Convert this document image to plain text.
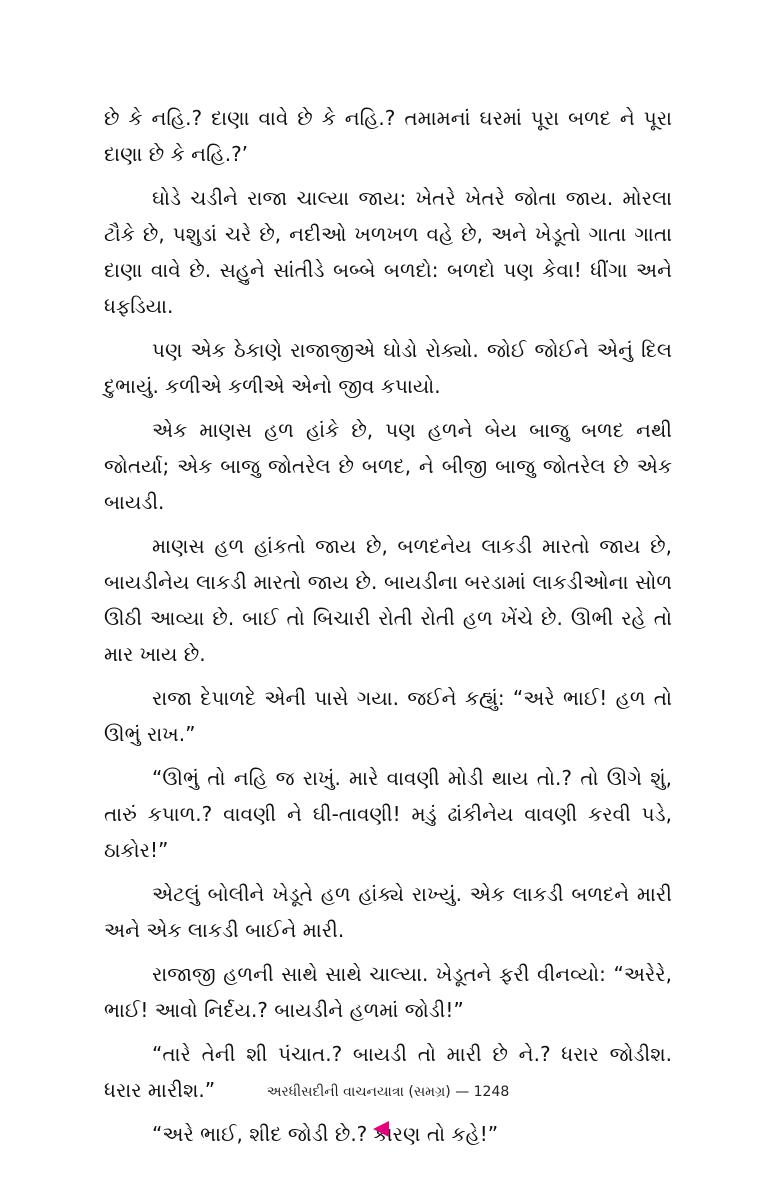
છે કે નહિ.? દાણા વાવે છે કે નહિ.? તમામનાં ઘરમાં પૂરા બળદ ને પૂરા દાણા છે કે નહિ.?’

ઘોડે ચડીને રાજા ચાલ્યા જાય: ખેતરે ખેતરે જોતા જાય. મોરલા ટૌકે છે, પશુડાં ચરે છે, નદીઓ ખળખળ વહે છે, અને ખેડૂતો ગાતા ગાતા દાણા વાવે છે. સહુને સાંતીડે બબ્બે બળદો: બળદો પણ કેવા! ધીંગા અને ધફડિયા.

પણ એક ઠેકાણે રાજાજીએ ઘોડો રોક્યો. જોઈ જોઈને એનું દિલ દુભાયું. કળીએ કળીએ એનો જીવ કપાયો.

એક માણસ હળ હાંકે છે, પણ હળને બેય બાજુ બળદ નથી જોતર્યા; એક બાજુ જોતરેલ છે બળદ, ને બીજી બાજુ જોતરેલ છે એક બાયડી.

માણસ હળ હાંકતો જાય છે, બળદનેય લાકડી મારતો જાય છે, બાયડીનેય લાકડી મારતો જાય છે. બાયડીના બરડામાં લાકડીઓના સોળ ઊઠી આવ્યા છે. બાઈ તો બિચારી રોતી રોતી હળ ખેંચે છે. ઊભી રહે તો માર ખાય છે.

રાજા દેપાળદે એની પાસે ગયા. જઈને કહ્યું: “અરે ભાઈ! હળ તો ઊભું રાખ.”

“ઊભું તો નહિ જ રાખું. મારે વાવણી મોડી થાય તો.? તો ઊગે શું, તારું કપાળ.? વાવણી ને ઘી-તાવણી! મડું ઢાંકીનેય વાવણી કરવી પડે, ઠાકોર!”

એટલું બોલીને ખેડૂતે હળ હાંક્યે રાખ્યું. એક લાકડી બળદને મારી અને એક લાકડી બાઈને મારી.

રાજાજી હળની સાથે સાથે ચાલ્યા. ખેડૂતને ફરી વીનવ્યો: “અરેરે, ભાઈ! આવો નિર્દય.? બાયડીને હળમાં જોડી!”

“તારે તેની શી પંચાત.? બાયડી તો મારી છે ને.? ધરાર જોડીશ. ધરાર મારીશ.”

“અરે ભાઈ, શીદ જોડી છે.? કારણ તો કહે!”

અરધીસદીની વાચનયાત્રા (સમગ્ર) — 1248
